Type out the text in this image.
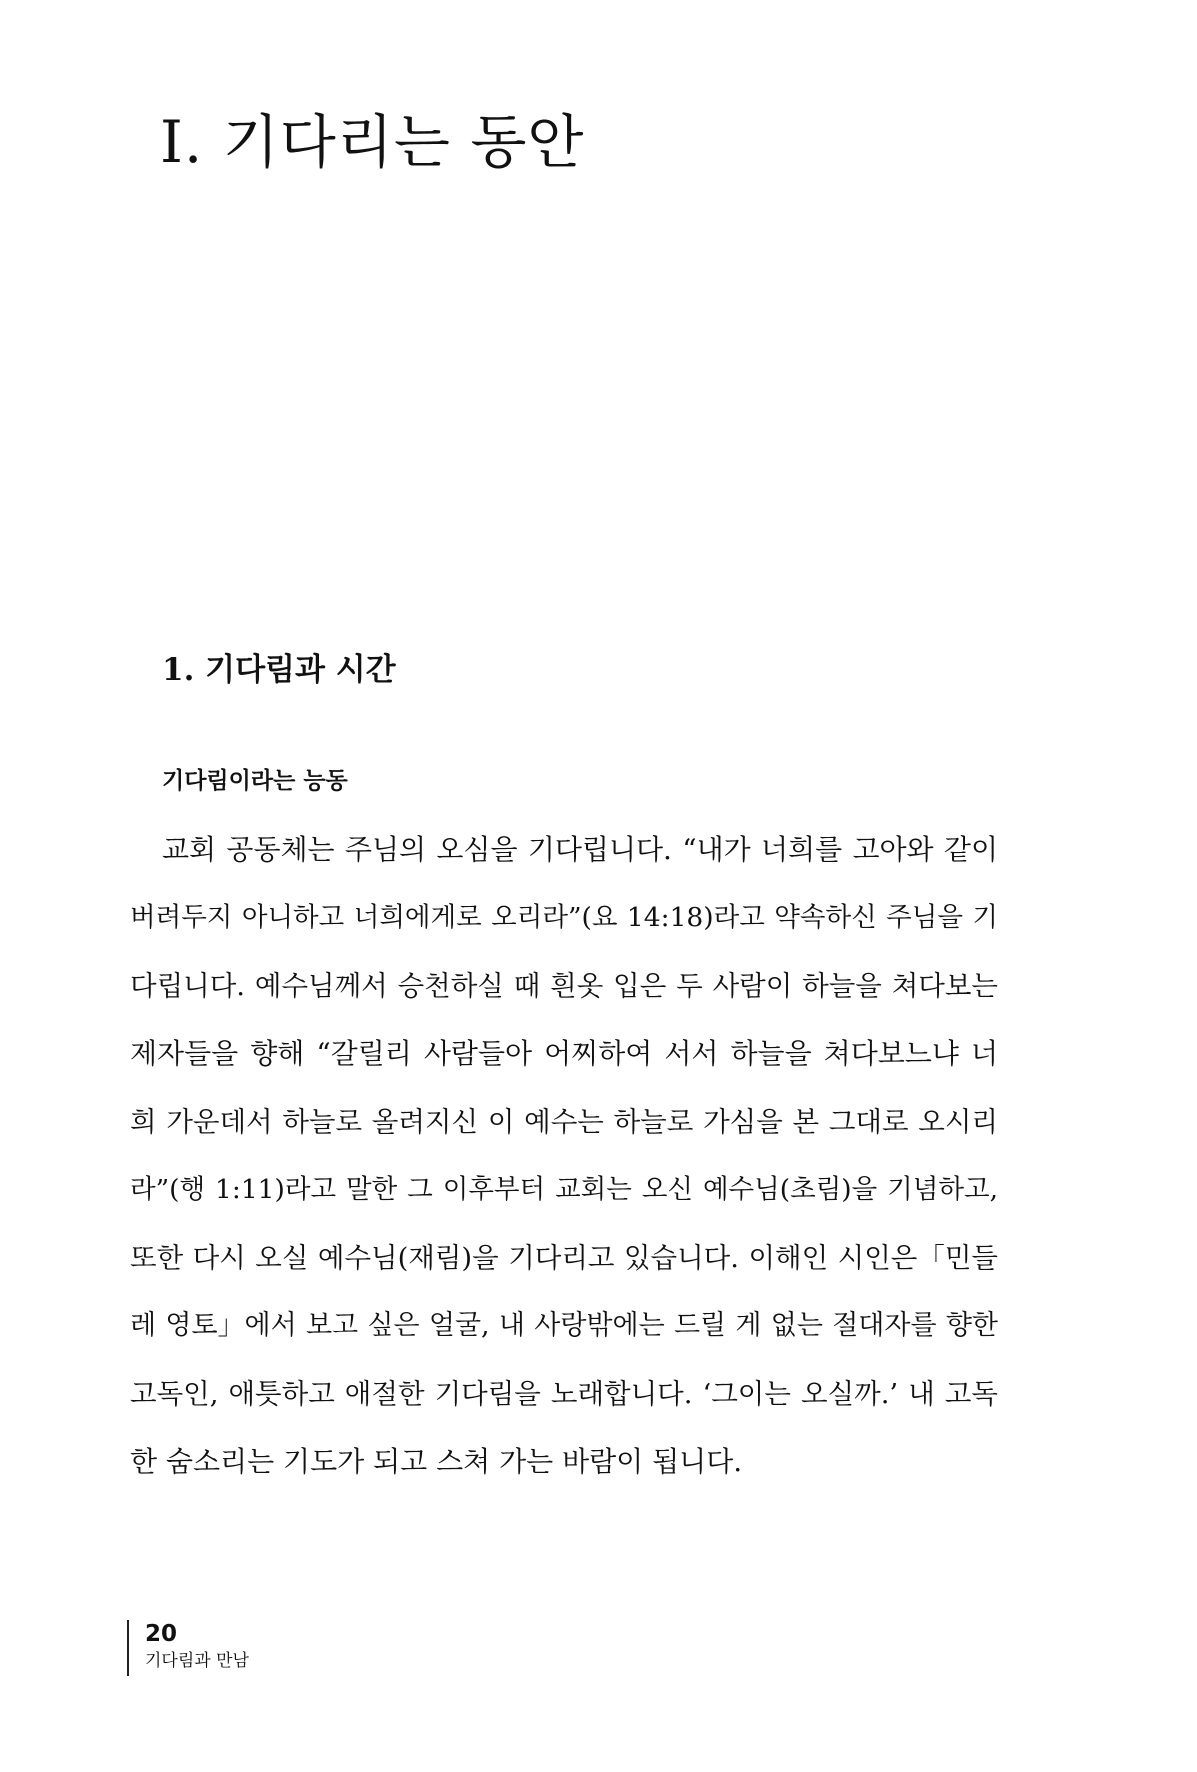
Ⅰ. 기다리는 동안
1. 기다림과 시간
기다림이라는 능동
교회 공동체는 주님의 오심을 기다립니다. “내가 너희를 고아와 같이
버려두지 아니하고 너희에게로 오리라”(요 14:18)라고 약속하신 주님을 기
다립니다. 예수님께서 승천하실 때 흰옷 입은 두 사람이 하늘을 쳐다보는
제자들을 향해 “갈릴리 사람들아 어찌하여 서서 하늘을 쳐다보느냐 너
희 가운데서 하늘로 올려지신 이 예수는 하늘로 가심을 본 그대로 오시리
라”(행 1:11)라고 말한 그 이후부터 교회는 오신 예수님(초림)을 기념하고,
또한 다시 오실 예수님(재림)을 기다리고 있습니다. 이해인 시인은「민들
레 영토」에서 보고 싶은 얼굴, 내 사랑밖에는 드릴 게 없는 절대자를 향한
고독인, 애틋하고 애절한 기다림을 노래합니다. ‘그이는 오실까.’ 내 고독
한 숨소리는 기도가 되고 스쳐 가는 바람이 됩니다.
20
기다림과 만남
